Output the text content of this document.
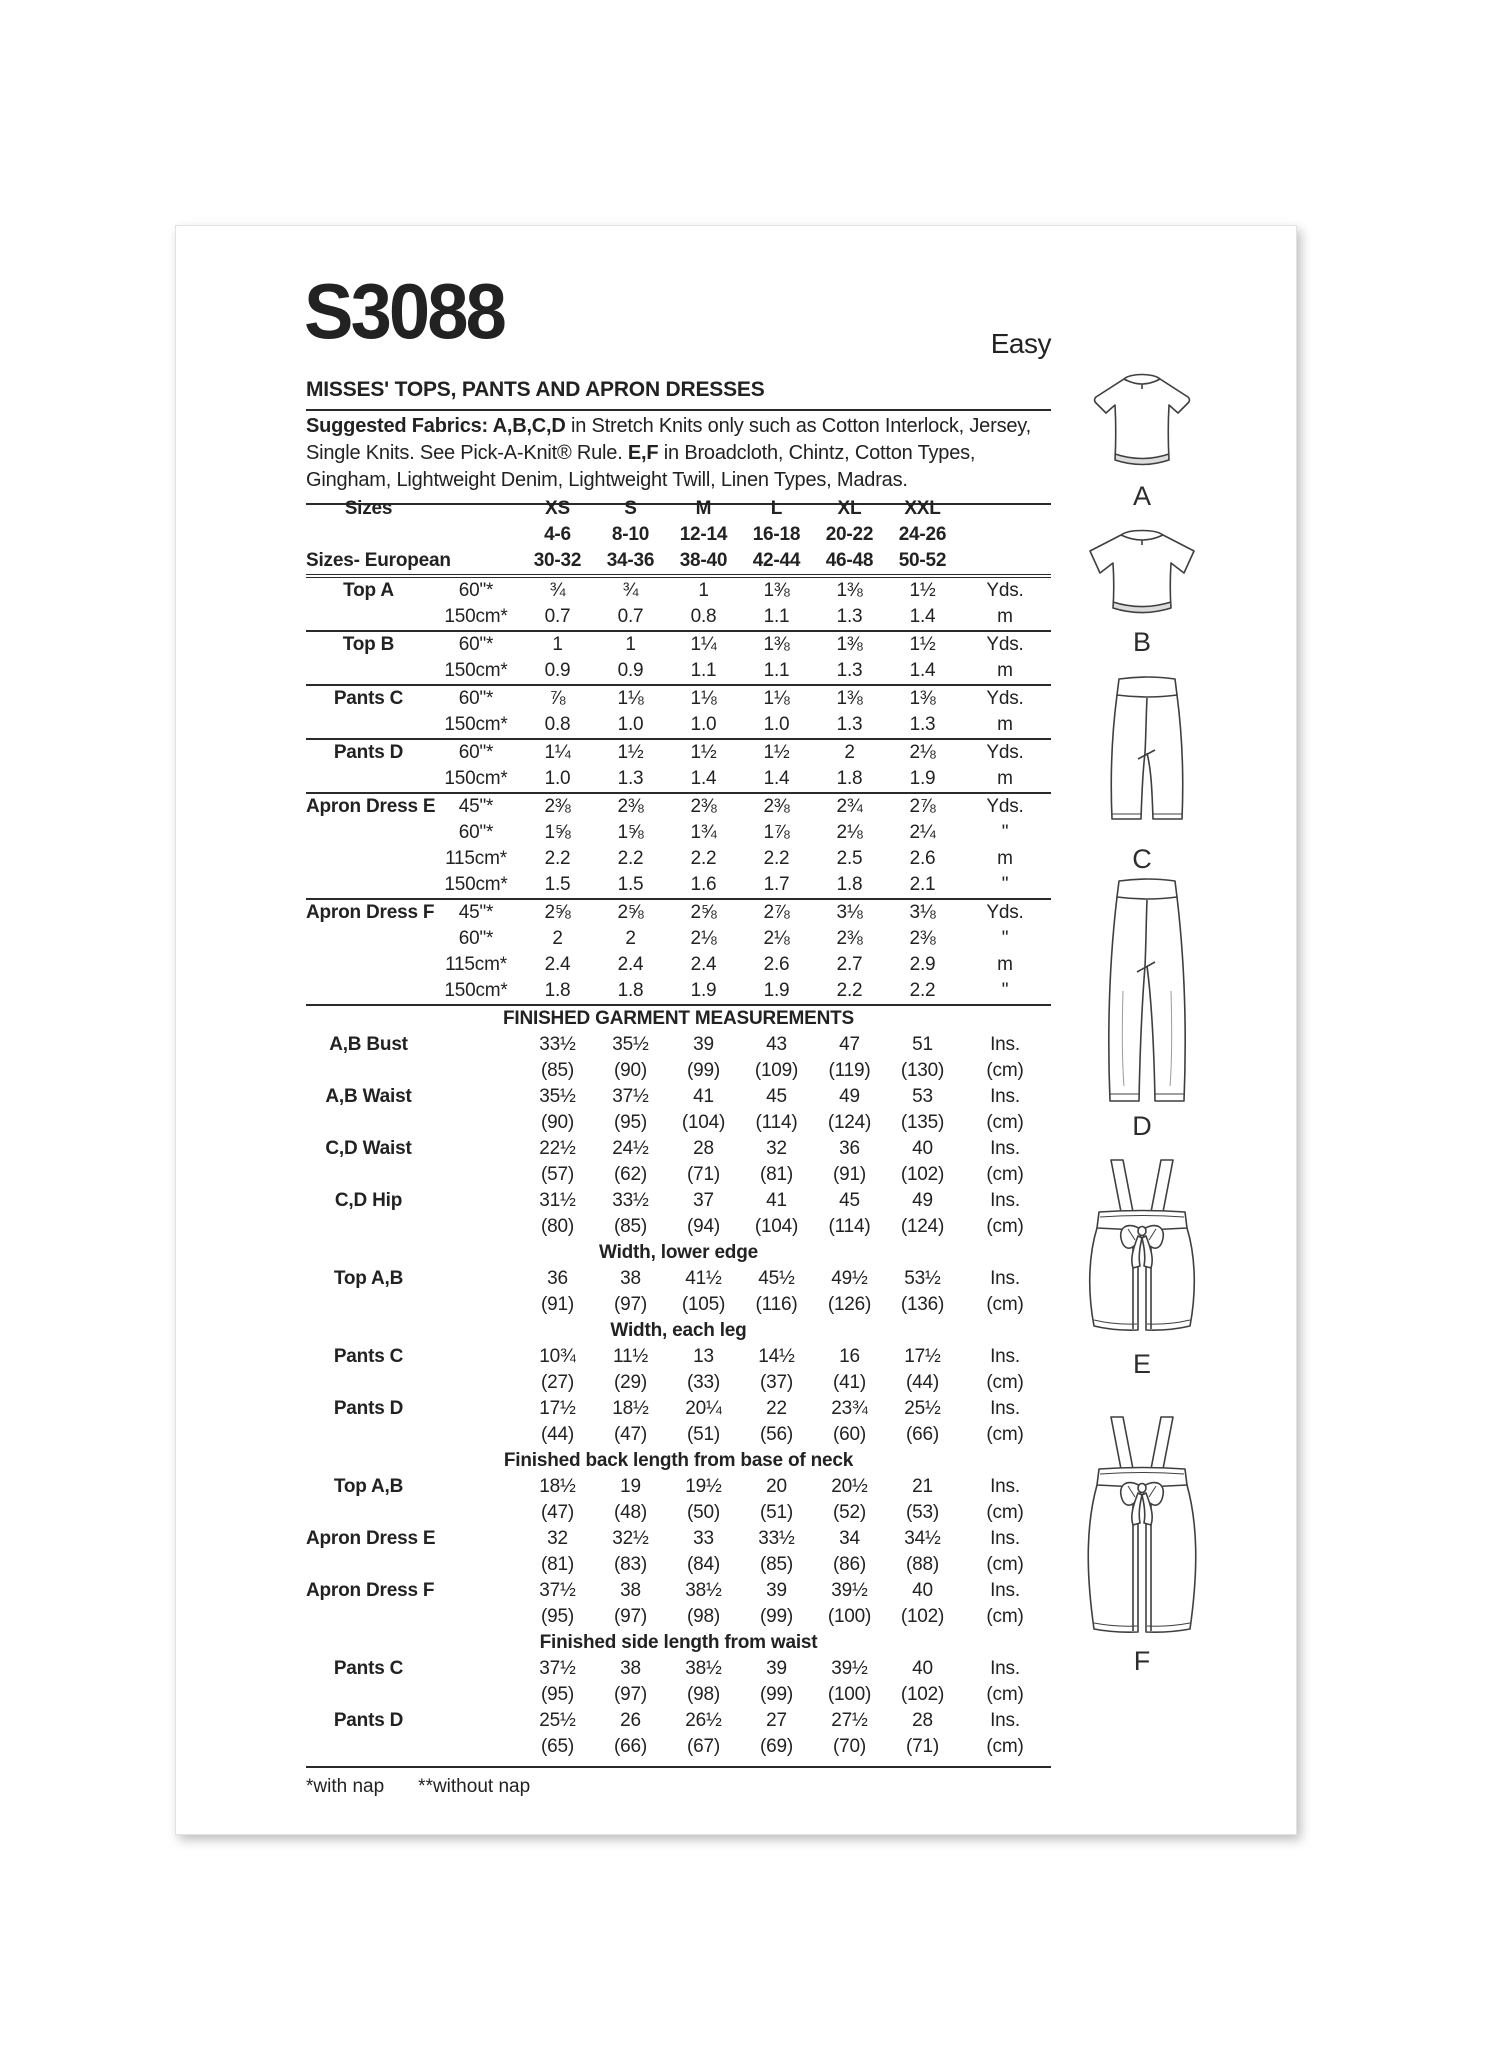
S3088	Easy
MISSES' TOPS, PANTS AND APRON DRESSES
Suggested Fabrics: A,B,C,D in Stretch Knits only such as Cotton Interlock, Jersey, Single Knits. See Pick-A-Knit® Rule. E,F in Broadcloth, Chintz, Cotton Types, Gingham, Lightweight Denim, Lightweight Twill, Linen Types, Madras.
Sizes		XS	S	M	L	XL	XXL	
		4-6	8-10	12-14	16-18	20-22	24-26	
Sizes- European		30-32	34-36	38-40	42-44	46-48	50-52	
Top A	60"*	¾	¾	1	1⅜	1⅜	1½	Yds.
	150cm*	0.7	0.7	0.8	1.1	1.3	1.4	m
Top B	60"*	1	1	1¼	1⅜	1⅜	1½	Yds.
	150cm*	0.9	0.9	1.1	1.1	1.3	1.4	m
Pants C	60"*	⅞	1⅛	1⅛	1⅛	1⅜	1⅜	Yds.
	150cm*	0.8	1.0	1.0	1.0	1.3	1.3	m
Pants D	60"*	1¼	1½	1½	1½	2	2⅛	Yds.
	150cm*	1.0	1.3	1.4	1.4	1.8	1.9	m
Apron Dress E	45"*	2⅜	2⅜	2⅜	2⅜	2¾	2⅞	Yds.
	60"*	1⅝	1⅝	1¾	1⅞	2⅛	2¼	"
	115cm*	2.2	2.2	2.2	2.2	2.5	2.6	m
	150cm*	1.5	1.5	1.6	1.7	1.8	2.1	"
Apron Dress F	45"*	2⅝	2⅝	2⅝	2⅞	3⅛	3⅛	Yds.
	60"*	2	2	2⅛	2⅛	2⅜	2⅜	"
	115cm*	2.4	2.4	2.4	2.6	2.7	2.9	m
	150cm*	1.8	1.8	1.9	1.9	2.2	2.2	"
FINISHED GARMENT MEASUREMENTS								
A,B Bust		33½	35½	39	43	47	51	Ins.
		(85)	(90)	(99)	(109)	(119)	(130)	(cm)
A,B Waist		35½	37½	41	45	49	53	Ins.
		(90)	(95)	(104)	(114)	(124)	(135)	(cm)
C,D Waist		22½	24½	28	32	36	40	Ins.
		(57)	(62)	(71)	(81)	(91)	(102)	(cm)
C,D Hip		31½	33½	37	41	45	49	Ins.
		(80)	(85)	(94)	(104)	(114)	(124)	(cm)
Width, lower edge								
Top A,B		36	38	41½	45½	49½	53½	Ins.
		(91)	(97)	(105)	(116)	(126)	(136)	(cm)
Width, each leg								
Pants C		10¾	11½	13	14½	16	17½	Ins.
		(27)	(29)	(33)	(37)	(41)	(44)	(cm)
Pants D		17½	18½	20¼	22	23¾	25½	Ins.
		(44)	(47)	(51)	(56)	(60)	(66)	(cm)
Finished back length from base of neck								
Top A,B		18½	19	19½	20	20½	21	Ins.
		(47)	(48)	(50)	(51)	(52)	(53)	(cm)
Apron Dress E		32	32½	33	33½	34	34½	Ins.
		(81)	(83)	(84)	(85)	(86)	(88)	(cm)
Apron Dress F		37½	38	38½	39	39½	40	Ins.
		(95)	(97)	(98)	(99)	(100)	(102)	(cm)
Finished side length from waist								
Pants C		37½	38	38½	39	39½	40	Ins.
		(95)	(97)	(98)	(99)	(100)	(102)	(cm)
Pants D		25½	26	26½	27	27½	28	Ins.
		(65)	(66)	(67)	(69)	(70)	(71)	(cm)
*with nap **without nap
A
B
C
D
E
F
